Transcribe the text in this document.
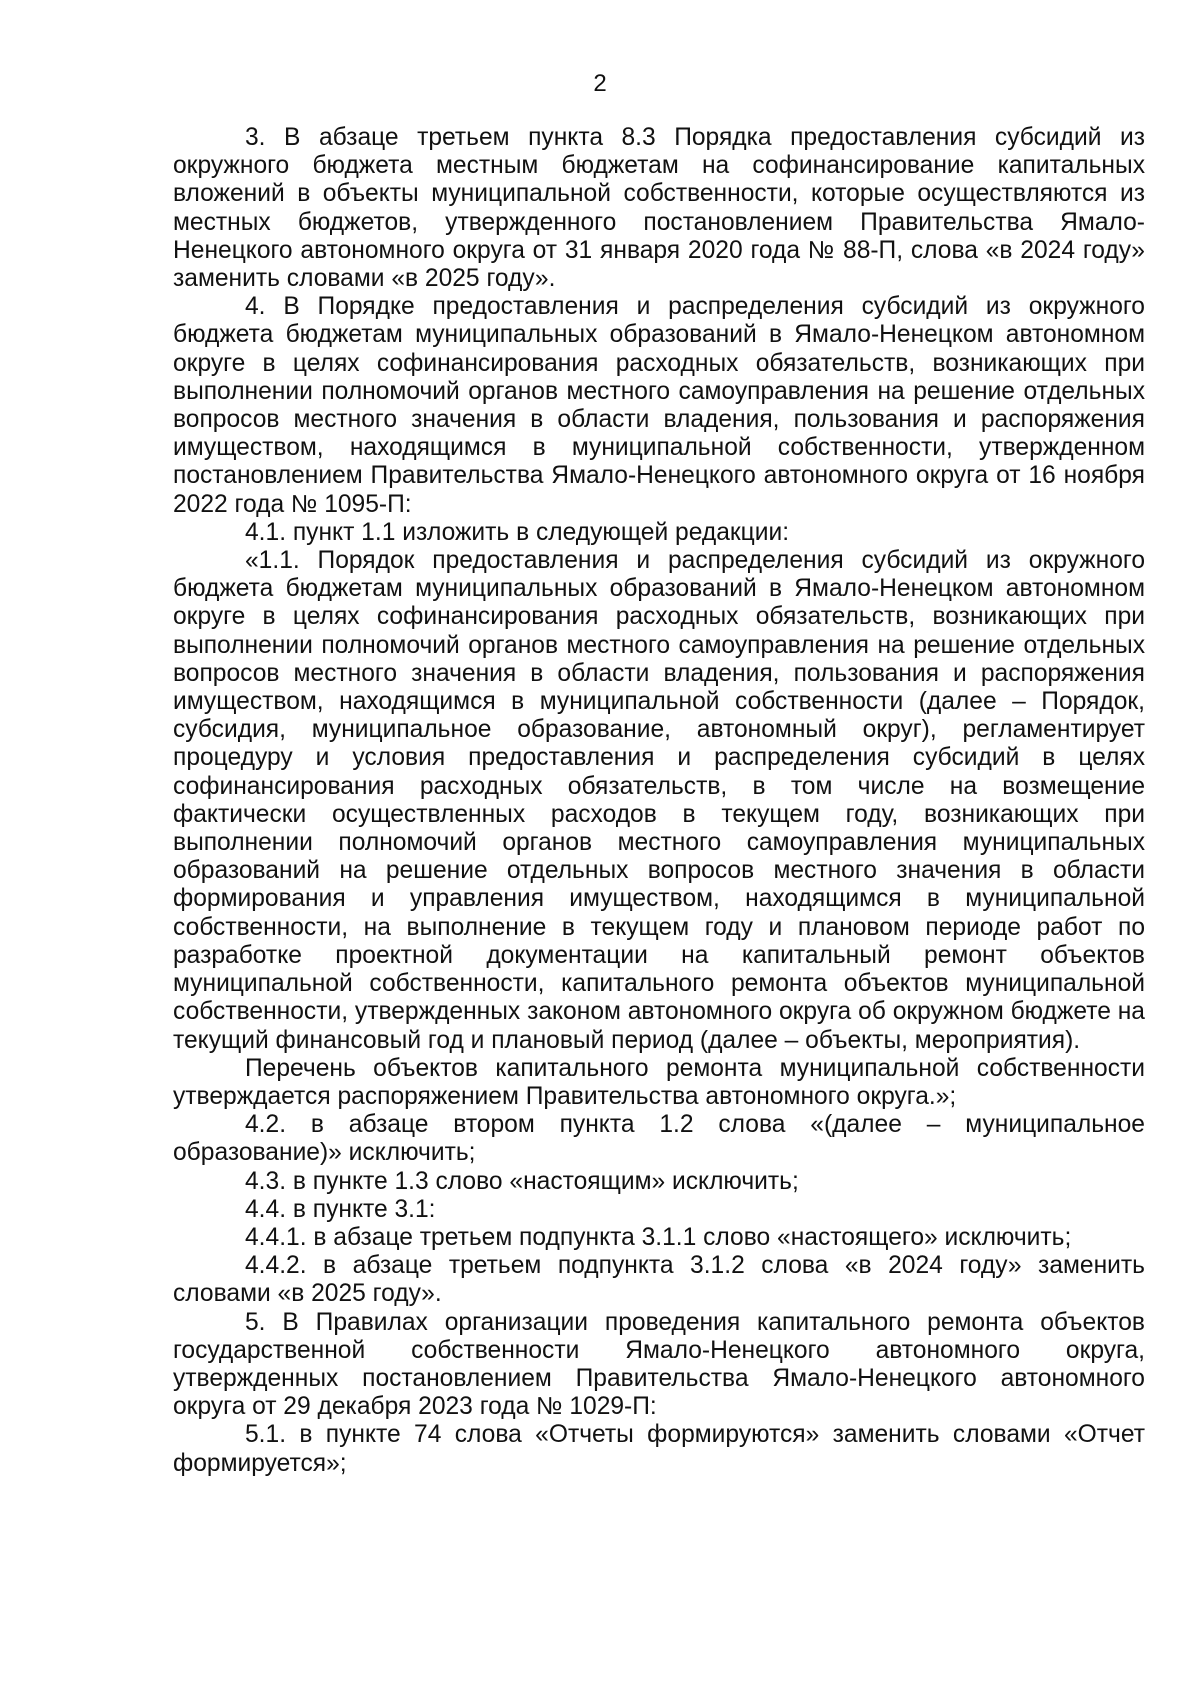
2

3. В абзаце третьем пункта 8.3 Порядка предоставления субсидий из окружного бюджета местным бюджетам на софинансирование капитальных вложений в объекты муниципальной собственности, которые осуществляются из местных бюджетов, утвержденного постановлением Правительства Ямало-Ненецкого автономного округа от 31 января 2020 года № 88-П, слова «в 2024 году» заменить словами «в 2025 году».

4. В Порядке предоставления и распределения субсидий из окружного бюджета бюджетам муниципальных образований в Ямало-Ненецком автономном округе в целях софинансирования расходных обязательств, возникающих при выполнении полномочий органов местного самоуправления на решение отдельных вопросов местного значения в области владения, пользования и распоряжения имуществом, находящимся в муниципальной собственности, утвержденном постановлением Правительства Ямало-Ненецкого автономного округа от 16 ноября 2022 года № 1095-П:

4.1. пункт 1.1 изложить в следующей редакции:

«1.1. Порядок предоставления и распределения субсидий из окружного бюджета бюджетам муниципальных образований в Ямало-Ненецком автономном округе в целях софинансирования расходных обязательств, возникающих при выполнении полномочий органов местного самоуправления на решение отдельных вопросов местного значения в области владения, пользования и распоряжения имуществом, находящимся в муниципальной собственности (далее – Порядок, субсидия, муниципальное образование, автономный округ), регламентирует процедуру и условия предоставления и распределения субсидий в целях софинансирования расходных обязательств, в том числе на возмещение фактически осуществленных расходов в текущем году, возникающих при выполнении полномочий органов местного самоуправления муниципальных образований на решение отдельных вопросов местного значения в области формирования и управления имуществом, находящимся в муниципальной собственности, на выполнение в текущем году и плановом периоде работ по разработке проектной документации на капитальный ремонт объектов муниципальной собственности, капитального ремонта объектов муниципальной собственности, утвержденных законом автономного округа об окружном бюджете на текущий финансовый год и плановый период (далее – объекты, мероприятия).

Перечень объектов капитального ремонта муниципальной собственности утверждается распоряжением Правительства автономного округа.»;

4.2. в абзаце втором пункта 1.2 слова «(далее – муниципальное образование)» исключить;

4.3. в пункте 1.3 слово «настоящим» исключить;

4.4. в пункте 3.1:

4.4.1. в абзаце третьем подпункта 3.1.1 слово «настоящего» исключить;

4.4.2. в абзаце третьем подпункта 3.1.2 слова «в 2024 году» заменить словами «в 2025 году».

5. В Правилах организации проведения капитального ремонта объектов государственной собственности Ямало-Ненецкого автономного округа, утвержденных постановлением Правительства Ямало-Ненецкого автономного округа от 29 декабря 2023 года № 1029-П:

5.1. в пункте 74 слова «Отчеты формируются» заменить словами «Отчет формируется»;
